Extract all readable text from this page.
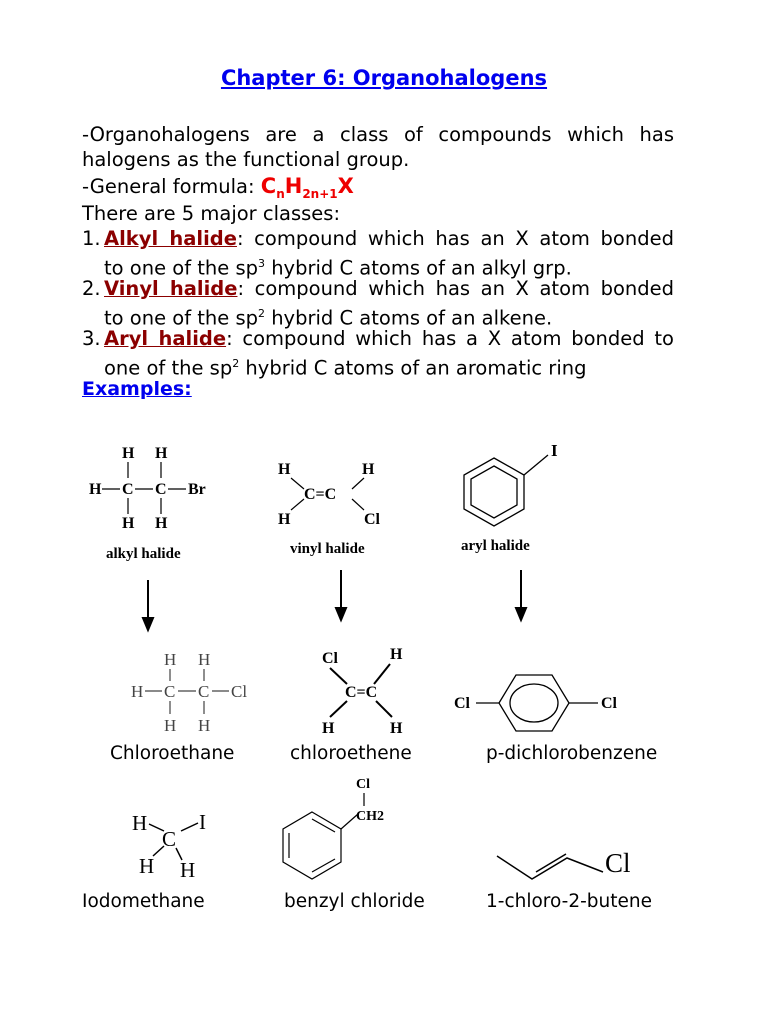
Chapter 6: Organohalogens
-Organohalogens are a class of compounds which has
halogens as the functional group.
-General formula: $C_nH_{2n+1}X$
There are 5 major classes:
1. Alkyl halide: compound which has an X atom bonded
to one of the $sp^3$ hybrid C atoms of an alkyl grp.
2. Vinyl halide: compound which has an X atom bonded
to one of the $sp^2$ hybrid C atoms of an alkene.
3. Aryl halide: compound which has a X atom bonded to
one of the $sp^2$ hybrid C atoms of an aromatic ring
Examples:
H H
H C C Br
H H
alkyl halide
H	H
C=C
H	Cl
vinyl halide
I
aryl halide
H H
H C C Cl
H H
Cl	H
C=C
H	H
Cl	Cl
H
C
I
H H
Cl
CH2
Cl
Chloroethane	chloroethene	p-dichlorobenzene
Iodomethane	benzyl chloride	1-chloro-2-butene
